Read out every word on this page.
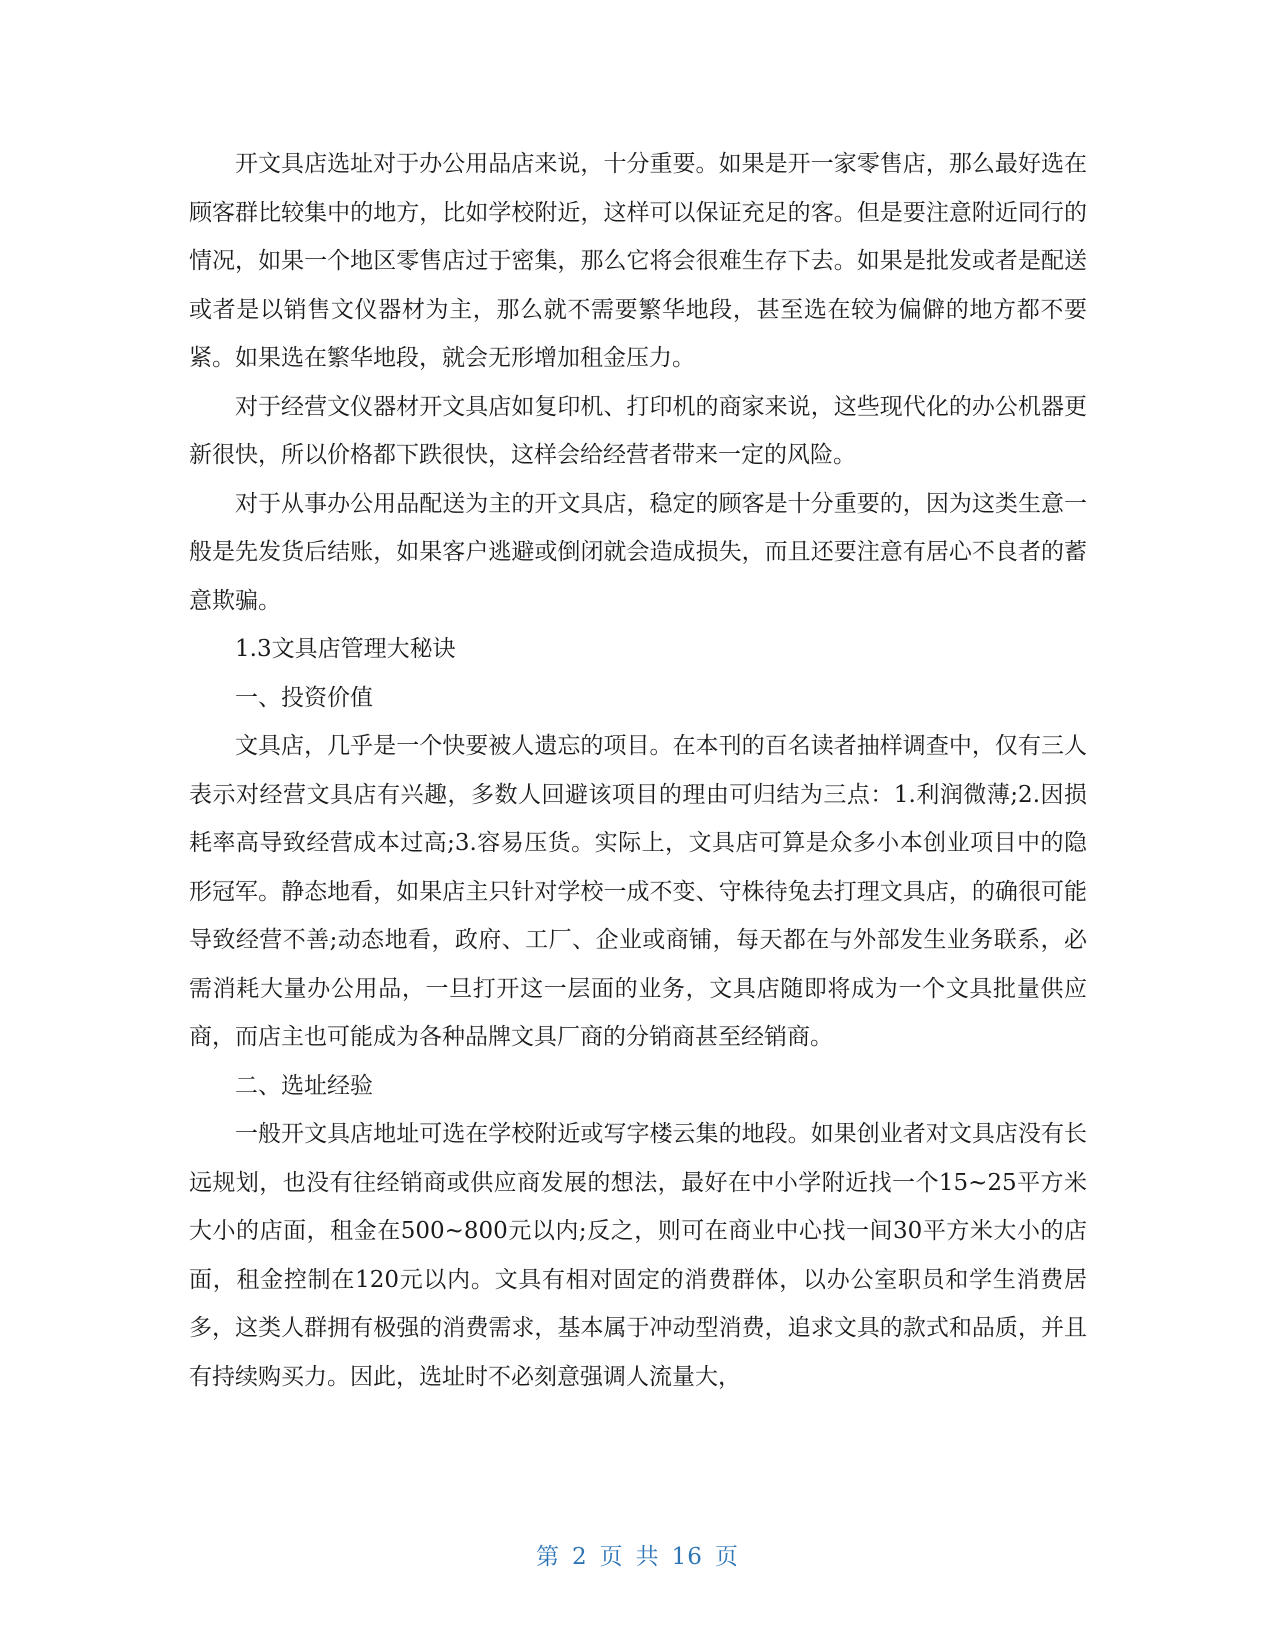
开文具店选址对于办公用品店来说，十分重要。如果是开一家零售店，那么最好选在顾客群比较集中的地方，比如学校附近，这样可以保证充足的客。但是要注意附近同行的情况，如果一个地区零售店过于密集，那么它将会很难生存下去。如果是批发或者是配送或者是以销售文仪器材为主，那么就不需要繁华地段，甚至选在较为偏僻的地方都不要紧。如果选在繁华地段，就会无形增加租金压力。

对于经营文仪器材开文具店如复印机、打印机的商家来说，这些现代化的办公机器更新很快，所以价格都下跌很快，这样会给经营者带来一定的风险。

对于从事办公用品配送为主的开文具店，稳定的顾客是十分重要的，因为这类生意一般是先发货后结账，如果客户逃避或倒闭就会造成损失，而且还要注意有居心不良者的蓄意欺骗。

1.3文具店管理大秘诀

一、投资价值

文具店，几乎是一个快要被人遗忘的项目。在本刊的百名读者抽样调查中，仅有三人表示对经营文具店有兴趣，多数人回避该项目的理由可归结为三点：1.利润微薄;2.因损耗率高导致经营成本过高;3.容易压货。实际上，文具店可算是众多小本创业项目中的隐形冠军。静态地看，如果店主只针对学校一成不变、守株待兔去打理文具店，的确很可能导致经营不善;动态地看，政府、工厂、企业或商铺，每天都在与外部发生业务联系，必需消耗大量办公用品，一旦打开这一层面的业务，文具店随即将成为一个文具批量供应商，而店主也可能成为各种品牌文具厂商的分销商甚至经销商。

二、选址经验

一般开文具店地址可选在学校附近或写字楼云集的地段。如果创业者对文具店没有长远规划，也没有往经销商或供应商发展的想法，最好在中小学附近找一个15~25平方米大小的店面，租金在500~800元以内;反之，则可在商业中心找一间30平方米大小的店面，租金控制在120元以内。文具有相对固定的消费群体，以办公室职员和学生消费居多，这类人群拥有极强的消费需求，基本属于冲动型消费，追求文具的款式和品质，并且有持续购买力。因此，选址时不必刻意强调人流量大，

第 2 页 共 16 页
